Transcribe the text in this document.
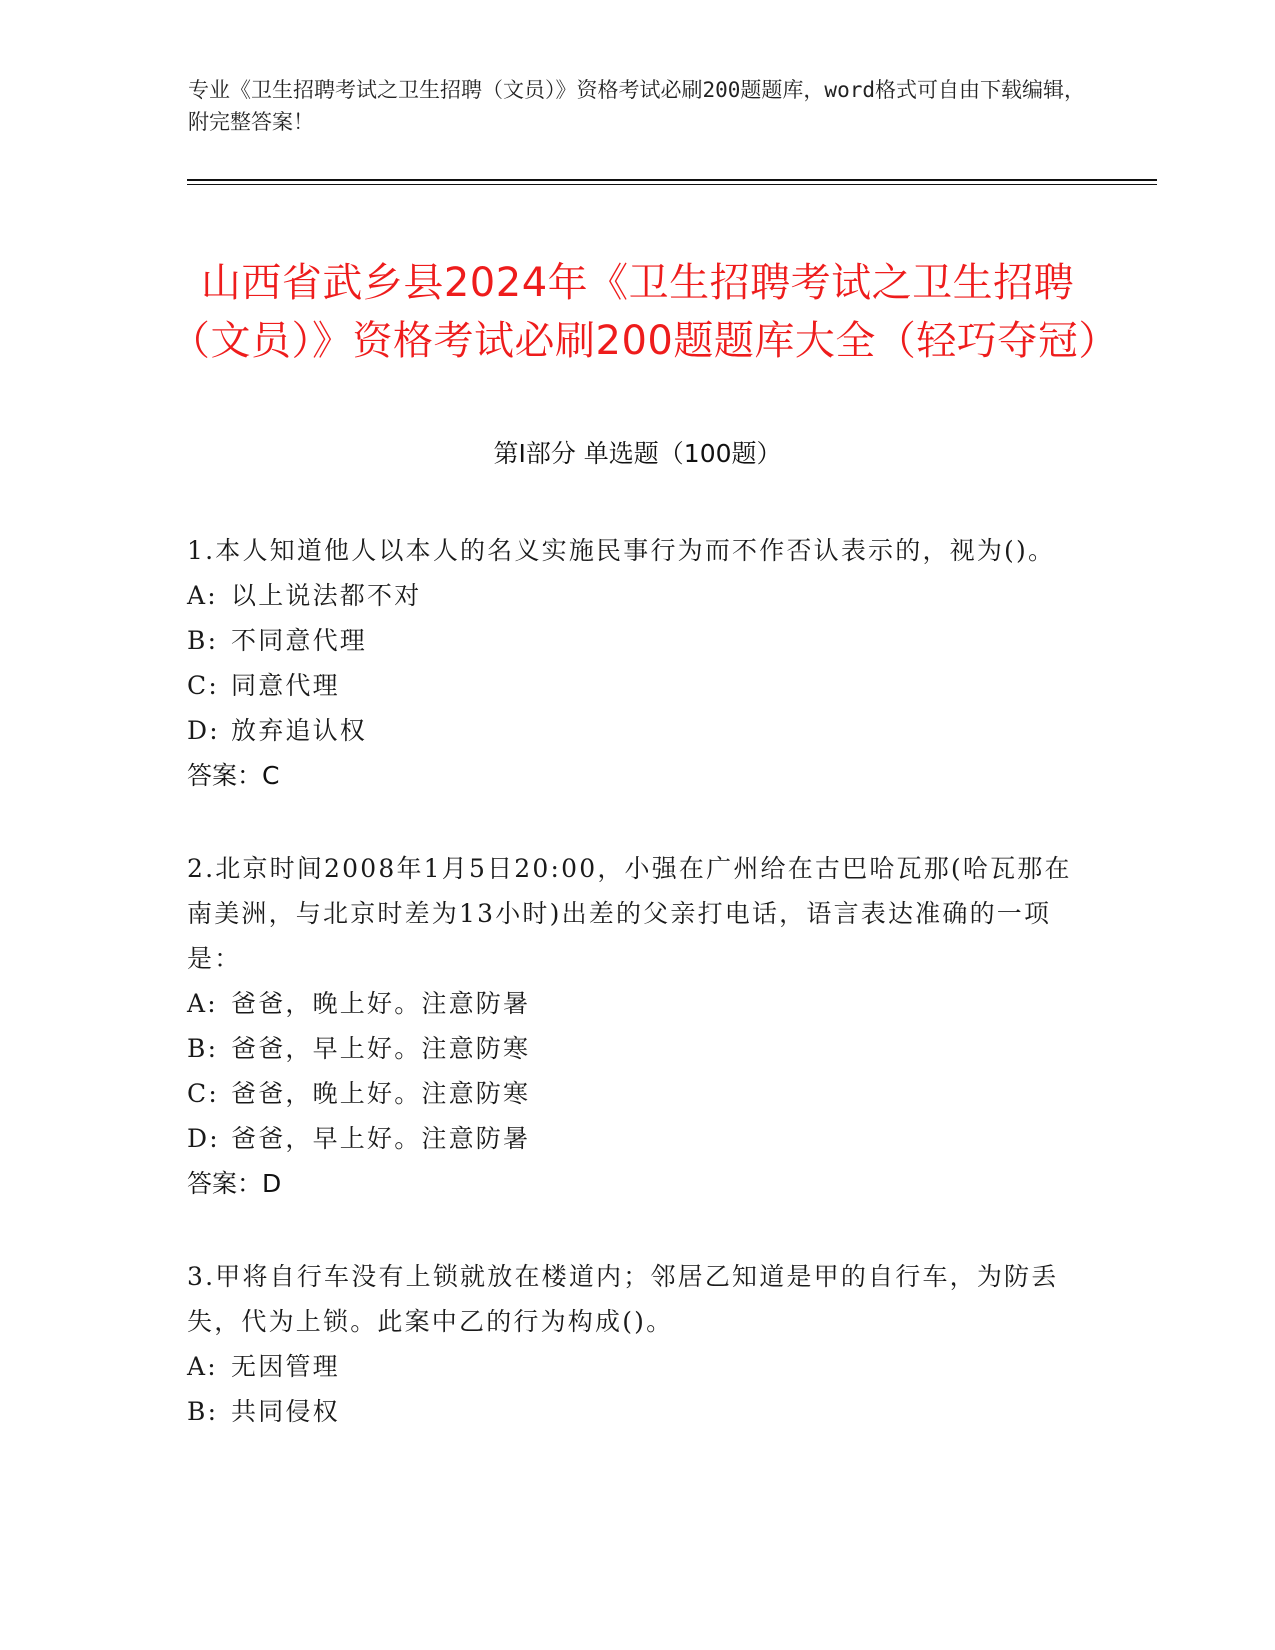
专业《卫生招聘考试之卫生招聘（文员）》资格考试必刷200题题库，word格式可自由下载编辑，附完整答案！
山西省武乡县2024年《卫生招聘考试之卫生招聘（文员）》资格考试必刷200题题库大全（轻巧夺冠）
第Ⅰ部分 单选题（100题）
1.本人知道他人以本人的名义实施民事行为而不作否认表示的，视为()。
A: 以上说法都不对
B: 不同意代理
C: 同意代理
D: 放弃追认权
答案：C
2.北京时间2008年1月5日20:00，小强在广州给在古巴哈瓦那(哈瓦那在南美洲，与北京时差为13小时)出差的父亲打电话，语言表达准确的一项是：
A: 爸爸，晚上好。注意防暑
B: 爸爸，早上好。注意防寒
C: 爸爸，晚上好。注意防寒
D: 爸爸，早上好。注意防暑
答案：D
3.甲将自行车没有上锁就放在楼道内；邻居乙知道是甲的自行车，为防丢失，代为上锁。此案中乙的行为构成()。
A: 无因管理
B: 共同侵权
